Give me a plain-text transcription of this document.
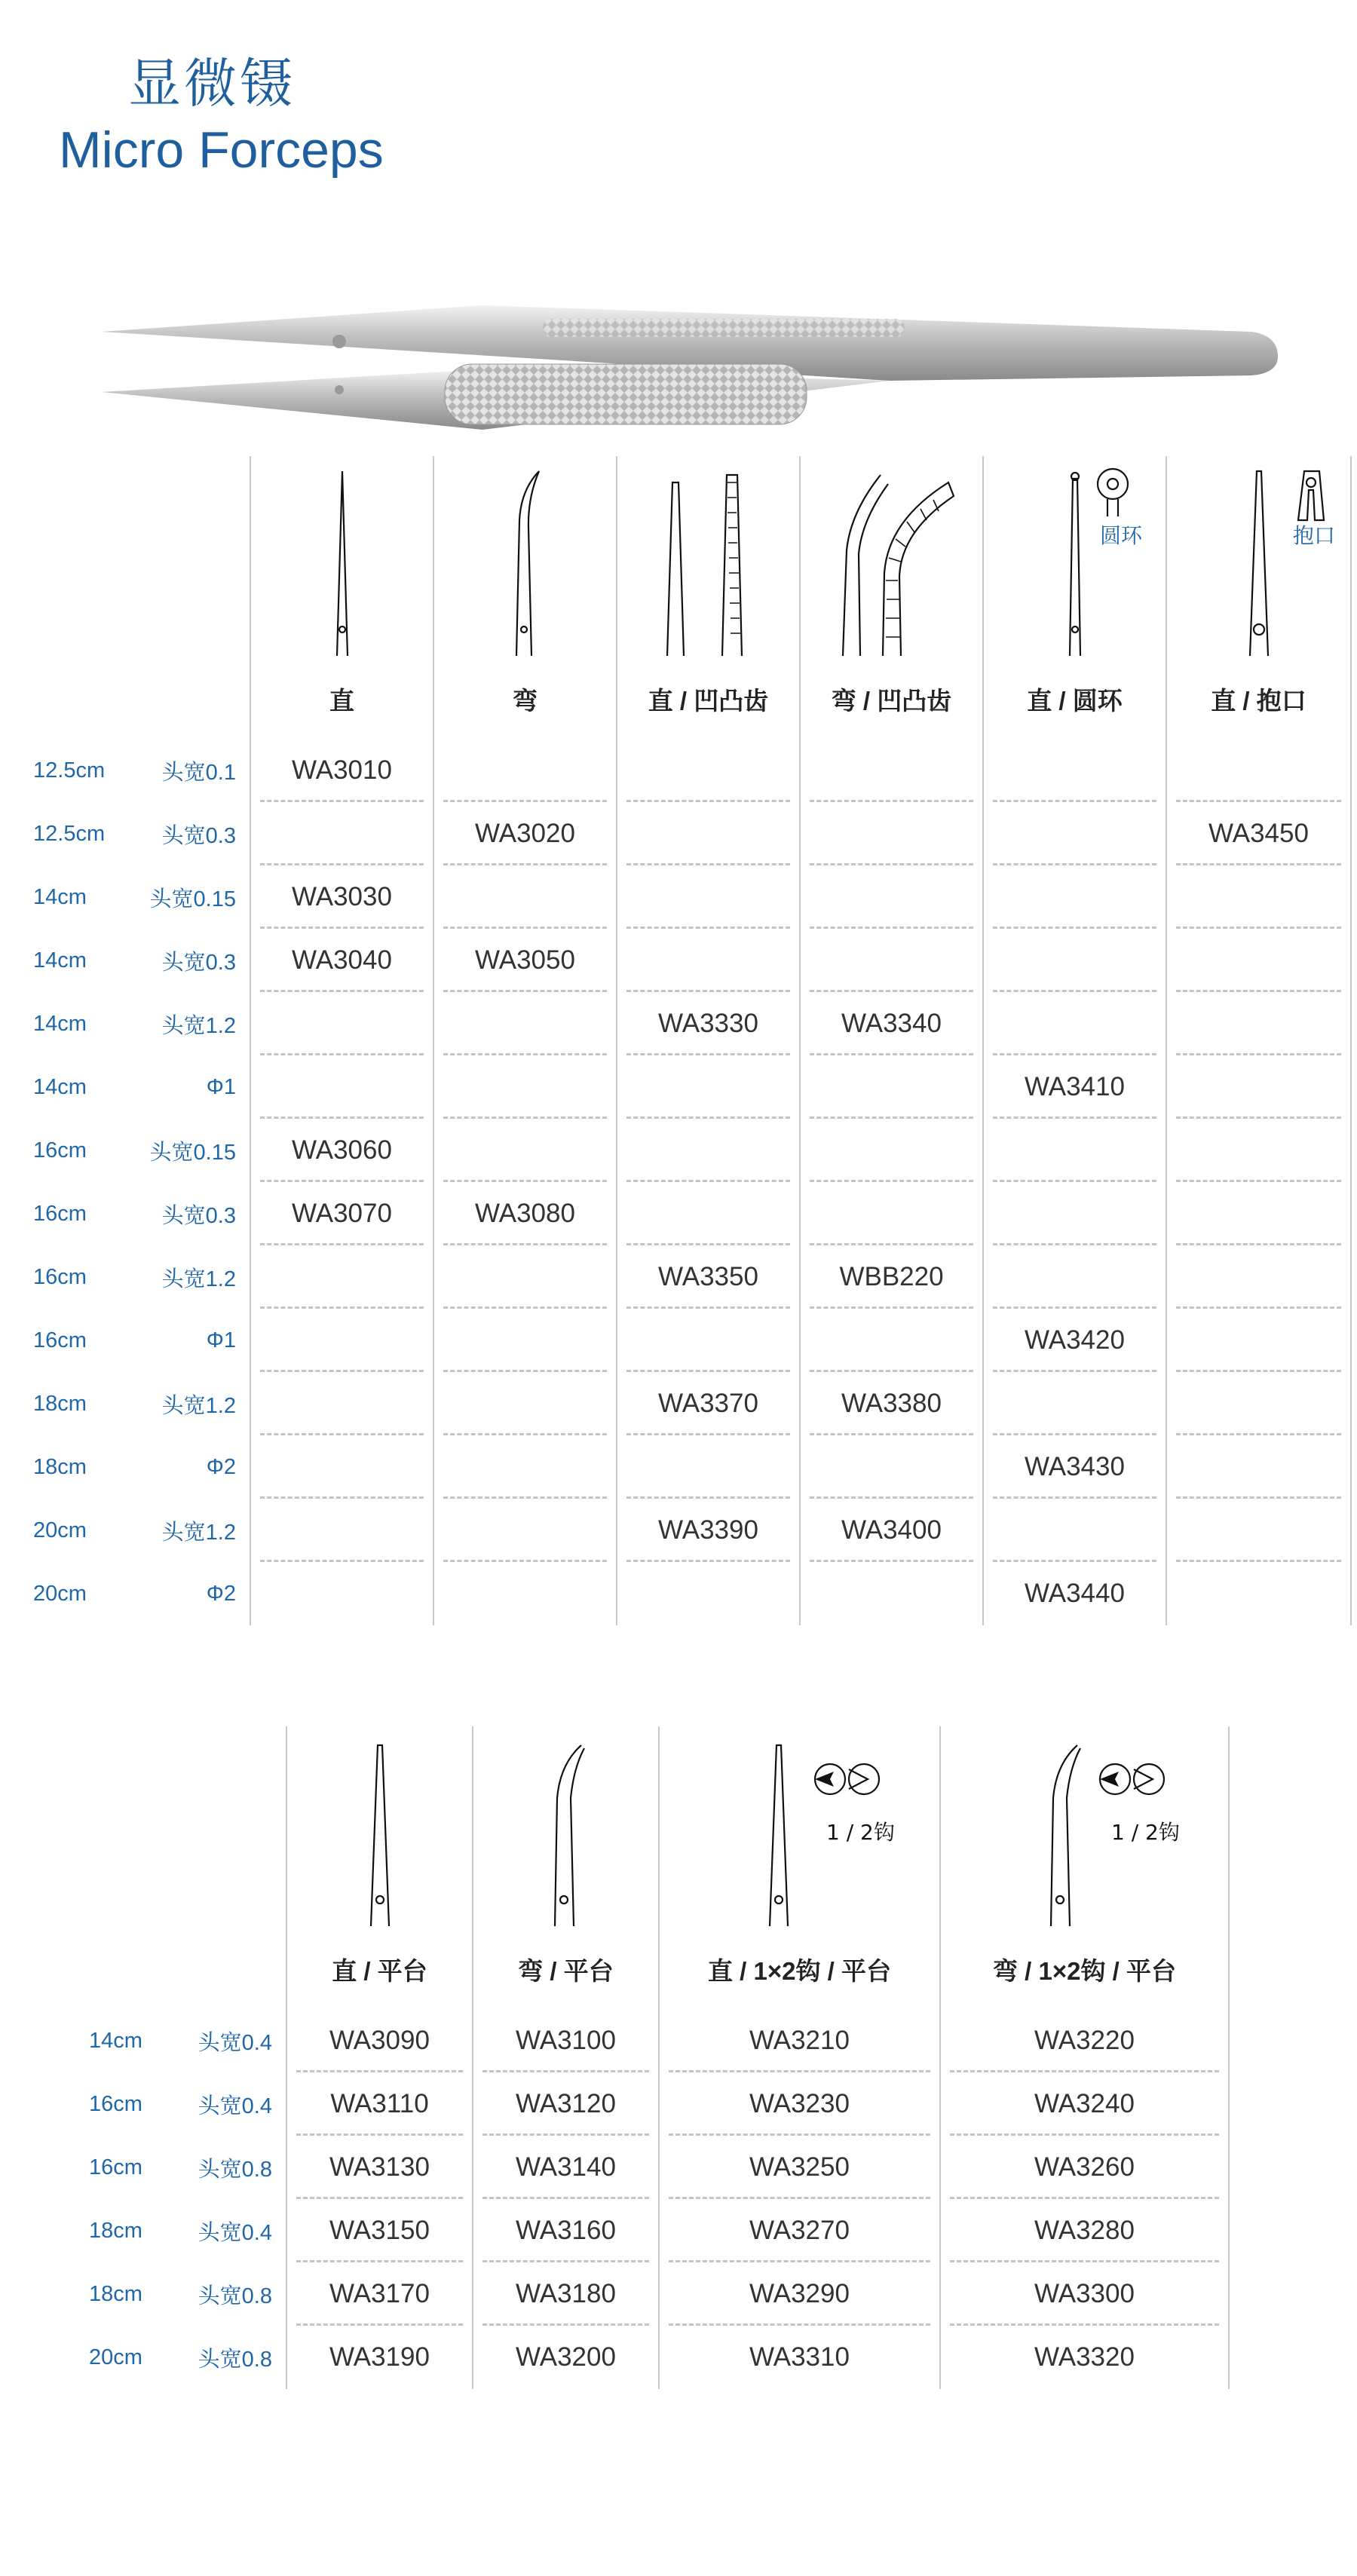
显微镊
Micro Forceps

圆环	抱口

		直	弯	直 / 凹凸齿	弯 / 凹凸齿	直 / 圆环	直 / 抱口
12.5cm	头宽0.1	WA3010					
12.5cm	头宽0.3		WA3020				WA3450
14cm	头宽0.15	WA3030					
14cm	头宽0.3	WA3040	WA3050				
14cm	头宽1.2			WA3330	WA3340		
14cm	Φ1					WA3410	
16cm	头宽0.15	WA3060					
16cm	头宽0.3	WA3070	WA3080				
16cm	头宽1.2			WA3350	WBB220		
16cm	Φ1					WA3420	
18cm	头宽1.2			WA3370	WA3380		
18cm	Φ2					WA3430	
20cm	头宽1.2			WA3390	WA3400		
20cm	Φ2					WA3440	

1 / 2钩	1 / 2钩

		直 / 平台	弯 / 平台	直 / 1×2钩 / 平台	弯 / 1×2钩 / 平台
14cm	头宽0.4	WA3090	WA3100	WA3210	WA3220
16cm	头宽0.4	WA3110	WA3120	WA3230	WA3240
16cm	头宽0.8	WA3130	WA3140	WA3250	WA3260
18cm	头宽0.4	WA3150	WA3160	WA3270	WA3280
18cm	头宽0.8	WA3170	WA3180	WA3290	WA3300
20cm	头宽0.8	WA3190	WA3200	WA3310	WA3320
